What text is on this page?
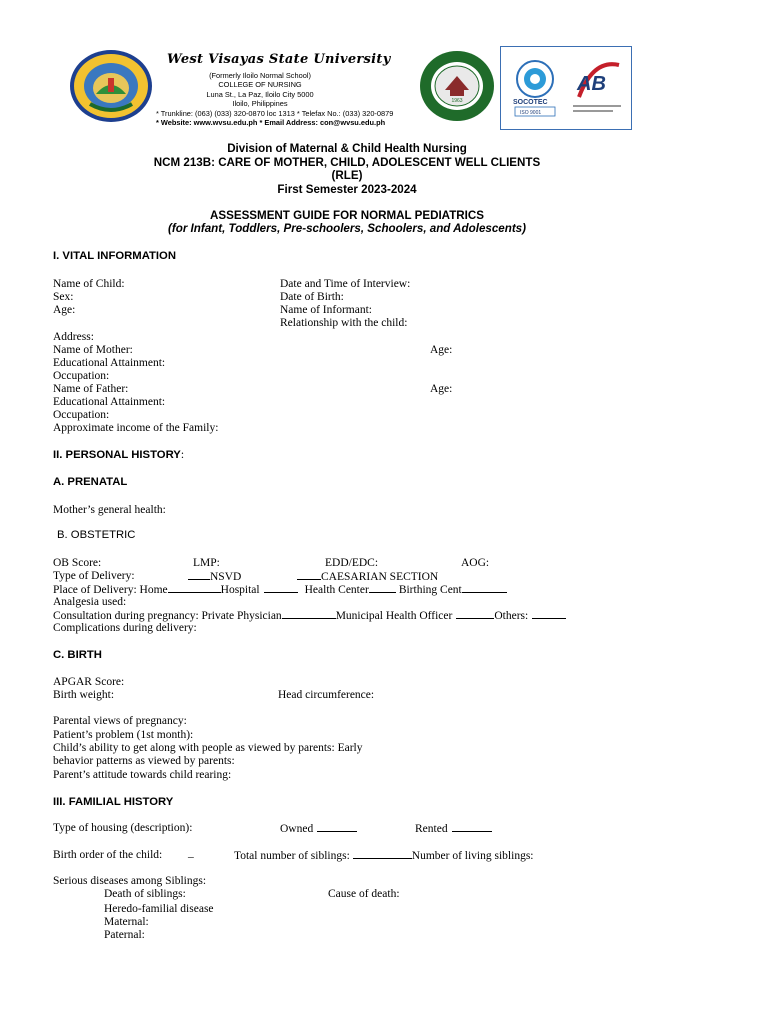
West Visayas State University
(Formerly Iloilo Normal School)
COLLEGE OF NURSING
Luna St., La Paz, Iloilo City 5000
Iloilo, Philippines
* Trunkline: (063) (033) 320-0870 loc 1313 * Telefax No.: (033) 320-0879
* Website: www.wvsu.edu.ph * Email Address: con@wvsu.edu.ph
1963	SOCOTEC
ISO 9001
AB
Division of Maternal & Child Health Nursing
NCM 213B: CARE OF MOTHER, CHILD, ADOLESCENT WELL CLIENTS
(RLE)
First Semester 2023-2024
ASSESSMENT GUIDE FOR NORMAL PEDIATRICS
(for Infant, Toddlers, Pre-schoolers, Schoolers, and Adolescents)
I. VITAL INFORMATION
Name of Child:
Sex:
Age:
Date and Time of Interview:
Date of Birth:
Name of Informant:
Relationship with the child:
Address:
Name of Mother:	Age:
Educational Attainment:
Occupation:
Name of Father:	Age:
Educational Attainment:
Occupation:
Approximate income of the Family:
II. PERSONAL HISTORY:
A. PRENATAL
Mother’s general health:
B. OBSTETRIC
OB Score:	LMP:	EDD/EDC:	AOG:
Type of Delivery:	NSVD	CAESARIAN SECTION
Place of Delivery: Home	Hospital	Health Center	Birthing Cent
Analgesia used:
Consultation during pregnancy: Private Physician	Municipal Health Officer	Others:
Complications during delivery:
C. BIRTH
APGAR Score:
Birth weight:	Head circumference:
Parental views of pregnancy:
Patient’s problem (1st month):
Child’s ability to get along with people as viewed by parents: Early
behavior patterns as viewed by parents:
Parent’s attitude towards child rearing:
III. FAMILIAL HISTORY
Type of housing (description):	Owned	Rented
Birth order of the child: _	Total number of siblings:	Number of living siblings:
Serious diseases among Siblings:
Death of siblings:	Cause of death:
Heredo-familial disease
Maternal:
Paternal:
